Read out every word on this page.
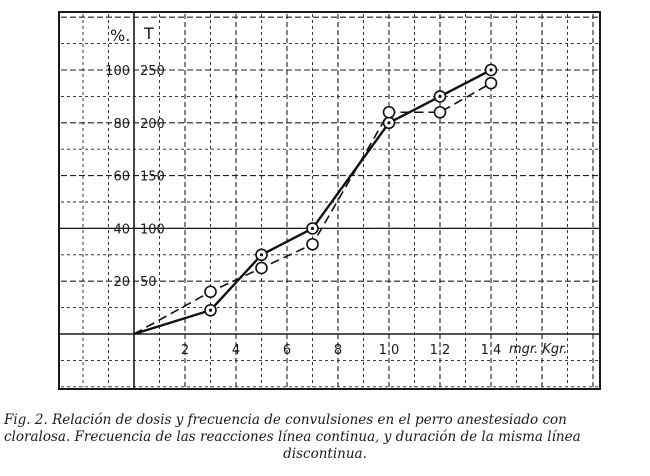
2	4	6	8	1 0 1 2 1 4 mgr. Kgr.
20
40
60
80
100
50
100
150
200
250
%. T
Fig. 2. Relación de dosis y frecuencia de convulsiones en el perro anestesiado con
cloralosa. Frecuencia de las reacciones línea continua, y duración de la misma línea
discontinua.
